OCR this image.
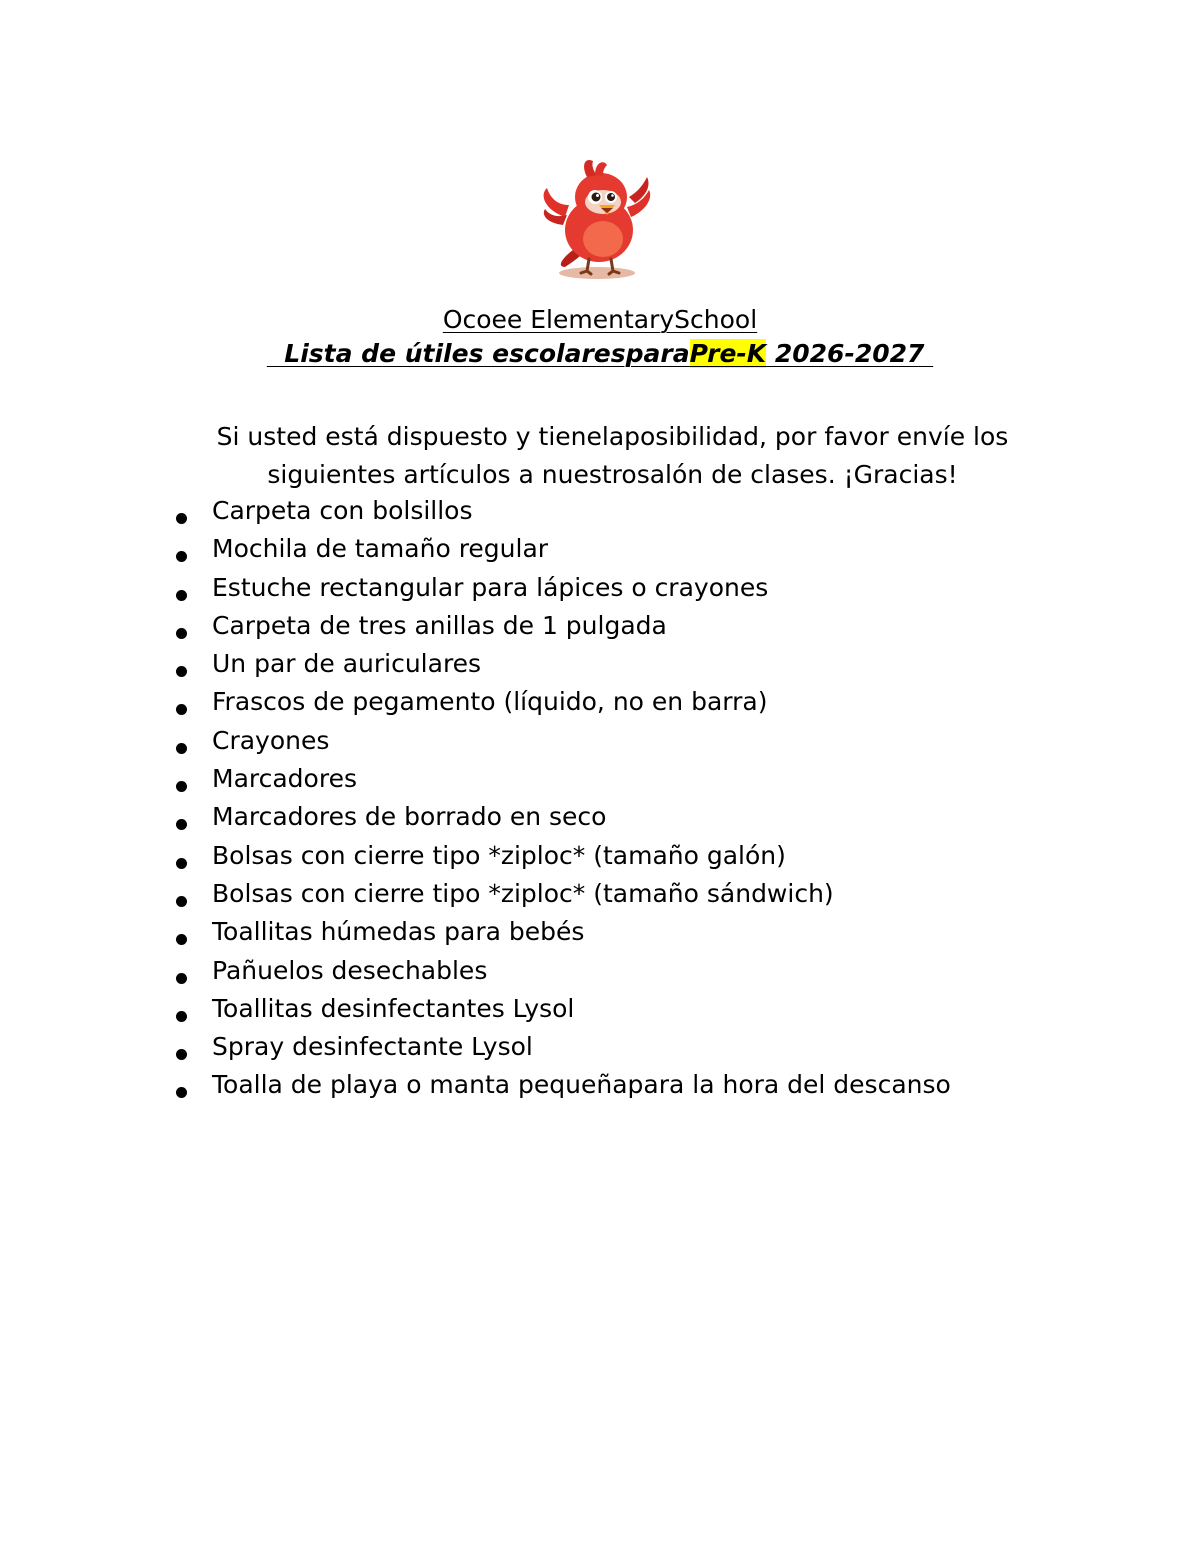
Ocoee ElementarySchool
Lista de útiles escolaresparaPre-K 2026-2027
Si usted está dispuesto y tienelaposibilidad, por favor envíe los siguientes artículos a nuestrosalón de clases. ¡Gracias!
Carpeta con bolsillos
Mochila de tamaño regular
Estuche rectangular para lápices o crayones
Carpeta de tres anillas de 1 pulgada
Un par de auriculares
Frascos de pegamento (líquido, no en barra)
Crayones
Marcadores
Marcadores de borrado en seco
Bolsas con cierre tipo *ziploc* (tamaño galón)
Bolsas con cierre tipo *ziploc* (tamaño sándwich)
Toallitas húmedas para bebés
Pañuelos desechables
Toallitas desinfectantes Lysol
Spray desinfectante Lysol
Toalla de playa o manta pequeñapara la hora del descanso
